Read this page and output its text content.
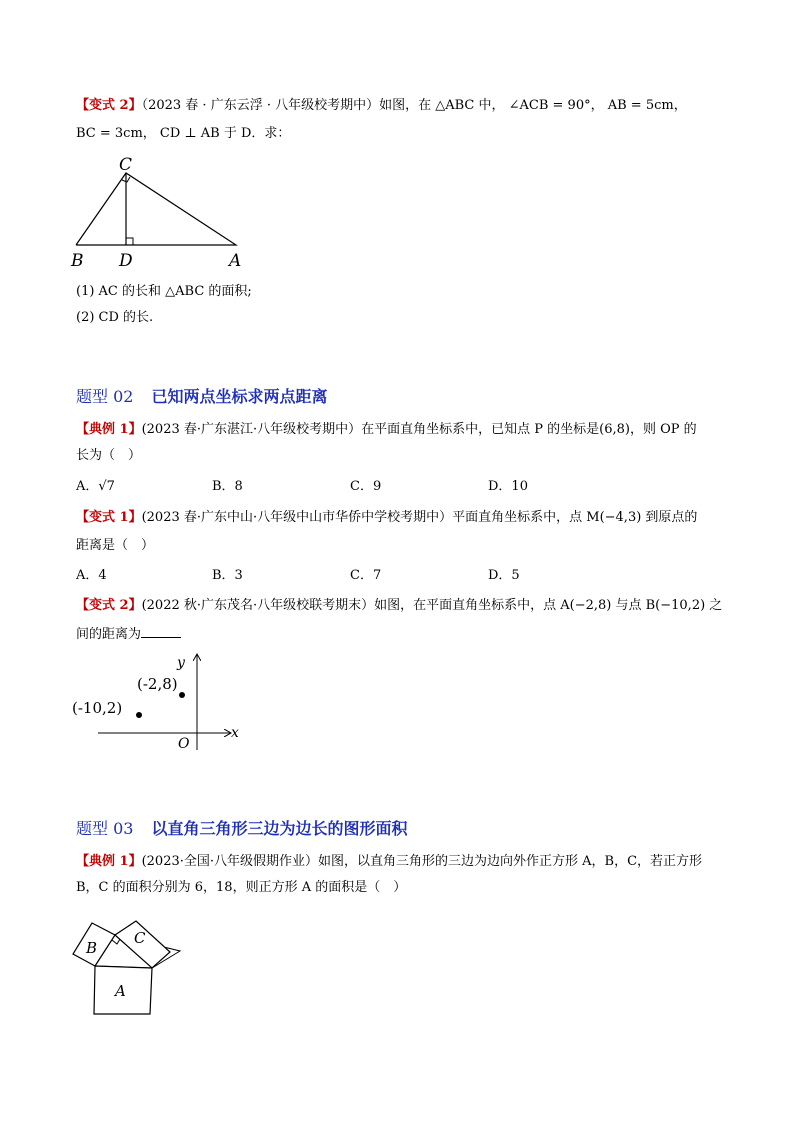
【变式 2】（2023 春 · 广东云浮 · 八年级校考期中）如图，在 △ABC 中， ∠ACB = 90°， AB = 5cm，
BC = 3cm， CD ⊥ AB 于 D．求：
C
B D	A
(1) AC 的长和 △ABC 的面积;
(2) CD 的长.
题型 02 已知两点坐标求两点距离
【典例 1】(2023 春·广东湛江·八年级校考期中）在平面直角坐标系中，已知点 P 的坐标是(6,8)，则 OP 的
长为（　）
A．√7	B．8	C．9	D．10
【变式 1】(2023 春·广东中山·八年级中山市华侨中学校考期中）平面直角坐标系中，点 M(−4,3) 到原点的
距离是（　）
A．4	B．3	C．7	D．5
【变式 2】(2022 秋·广东茂名·八年级校联考期末）如图，在平面直角坐标系中，点 A(−2,8) 与点 B(−10,2) 之
间的距离为
y
x
O
(-2,8)
(-10,2)
题型 03 以直角三角形三边为边长的图形面积
【典例 1】(2023·全国·八年级假期作业）如图，以直角三角形的三边为边向外作正方形 A，B，C，若正方形
B，C 的面积分别为 6，18，则正方形 A 的面积是（　）
A
B
C
